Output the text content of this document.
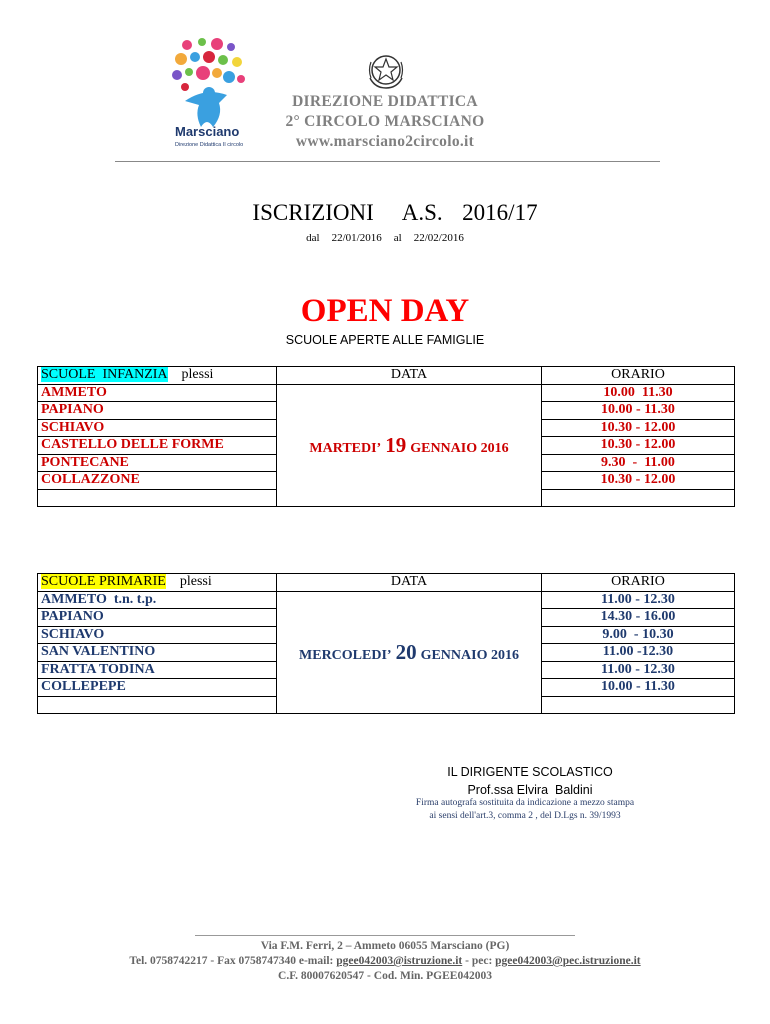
Marsciano
Direzione Didattica II circolo
DIREZIONE DIDATTICA
2° CIRCOLO MARSCIANO
www.marsciano2circolo.it
ISCRIZIONI   A.S.  2016/17
dal 22/01/2016 al 22/02/2016
OPEN DAY
SCUOLE APERTE ALLE FAMIGLIE
SCUOLE  INFANZIA plessi	DATA	ORARIO
AMMETO	MARTEDI’ 19 GENNAIO 2016	10.00  11.30
PAPIANO		10.00 - 11.30
SCHIAVO		10.30 - 12.00
CASTELLO DELLE FORME		10.30 - 12.00
PONTECANE		9.30  -  11.00
COLLAZZONE		10.30 - 12.00

SCUOLE PRIMARIE plessi	DATA	ORARIO
AMMETO  t.n. t.p.	MERCOLEDI’ 20 GENNAIO 2016	11.00 - 12.30
PAPIANO		14.30 - 16.00
SCHIAVO		9.00  - 10.30
SAN VALENTINO		11.00 -12.30
FRATTA TODINA		11.00 - 12.30
COLLEPEPE		10.00 - 11.30

IL DIRIGENTE SCOLASTICO
Prof.ssa Elvira  Baldini
Firma autografa sostituita da indicazione a mezzo stampa
ai sensi dell'art.3, comma 2 , del D.Lgs n. 39/1993
Via F.M. Ferri, 2 – Ammeto 06055 Marsciano (PG)
Tel. 0758742217 - Fax 0758747340 e-mail: pgee042003@istruzione.it - pec: pgee042003@pec.istruzione.it
C.F. 80007620547 - Cod. Min. PGEE042003
